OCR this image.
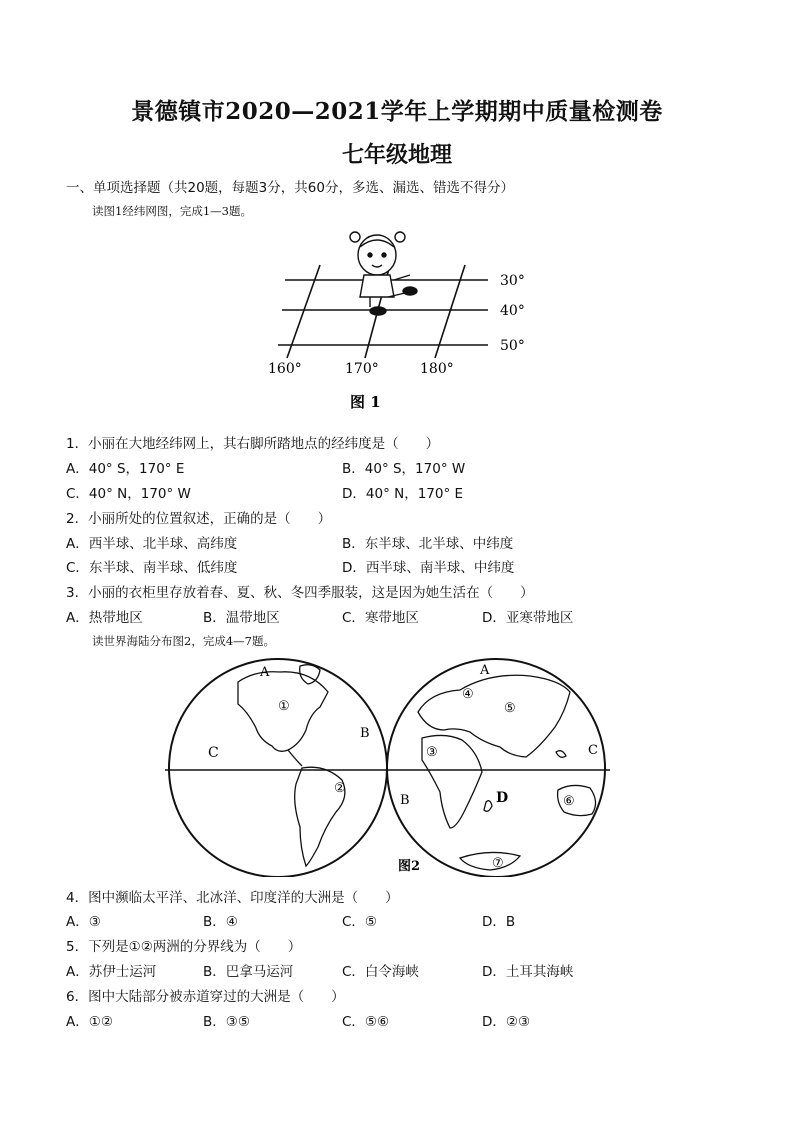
景德镇市2020—2021学年上学期期中质量检测卷
七年级地理
一、单项选择题（共20题，每题3分，共60分，多选、漏选、错选不得分）
读图1经纬网图，完成1—3题。
30°
40°
50°
160°	170°	180°
图 1
1．小丽在大地经纬网上，其右脚所踏地点的经纬度是（　　）
A．40° S，170° E	B．40° S，170° W
C．40° N，170° W	D．40° N，170° E
2．小丽所处的位置叙述，正确的是（　　）
A．西半球、北半球、高纬度	B．东半球、北半球、中纬度
C．东半球、南半球、低纬度	D．西半球、南半球、中纬度
3．小丽的衣柜里存放着春、夏、秋、冬四季服装，这是因为她生活在（　　）
A．热带地区	B．温带地区	C．寒带地区	D．亚寒带地区
读世界海陆分布图2，完成4—7题。
A
B
C
①
②
A
B
C
D
③
④
⑤
⑥
⑦
图2
4．图中濒临太平洋、北冰洋、印度洋的大洲是（　　）
A．③	B．④	C．⑤	D．B
5．下列是①②两洲的分界线为（　　）
A．苏伊士运河	B．巴拿马运河	C．白令海峡	D．土耳其海峡
6．图中大陆部分被赤道穿过的大洲是（　　）
A．①②	B．③⑤	C．⑤⑥	D．②③
